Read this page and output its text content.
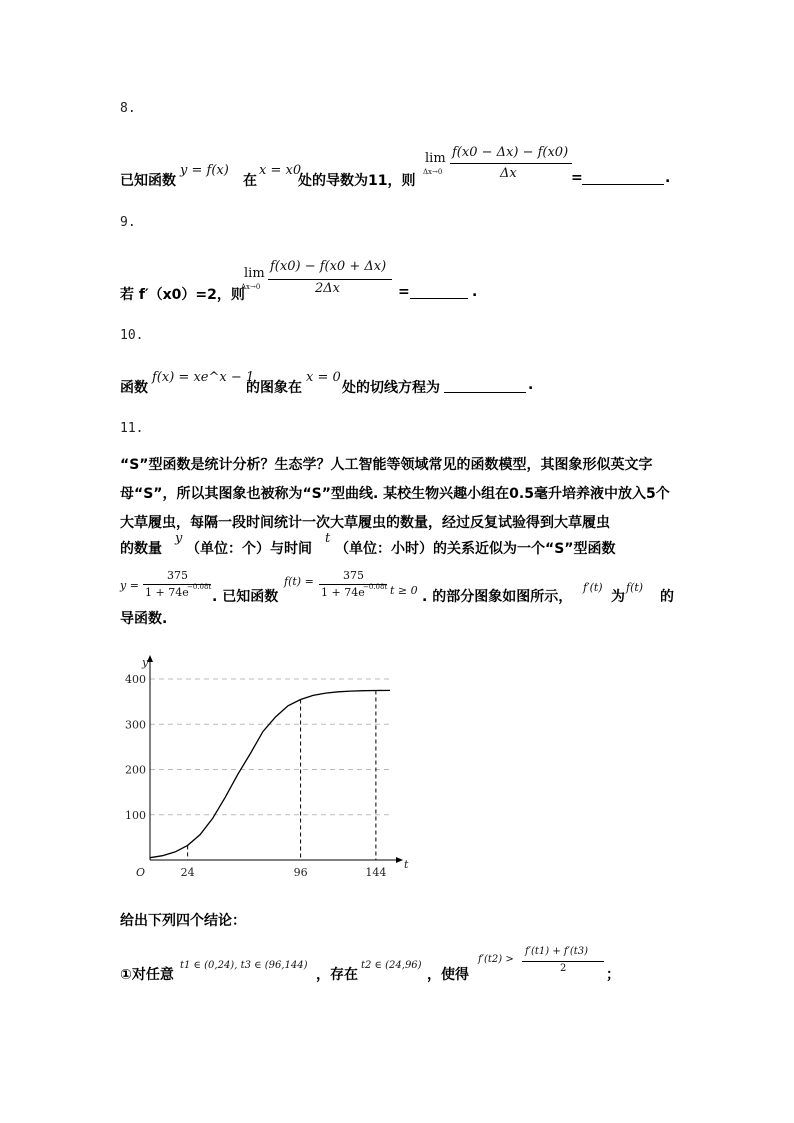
8.
已知函数
y = f(x)
在
x = x0
处的导数为11，则
lim
Δx→0
f(x0 − Δx) − f(x0)
Δx	=	.
9.
若 f′（x0）=2，则
lim
Δx→0
f(x0) − f(x0 + Δx)
2Δx	=	.
10.
函数
f(x) = xe^x − 1
的图象在
x = 0
处的切线方程为	.
11.
“S”型函数是统计分析？生态学？人工智能等领域常见的函数模型，其图象形似英文字母“S”，所以其图象也被称为“S”型曲线. 某校生物兴趣小组在0.5毫升培养液中放入5个大草履虫，每隔一段时间统计一次大草履虫的数量，经过反复试验得到大草履虫
的数量
y
（单位：个）与时间
t
（单位：小时）的关系近似为一个“S”型函数
y =
375
1 + 74e
−0.08t
. 已知函数
f(t) =	375
1 + 74e
−0.08t t ≥ 0 . 的部分图象如图所示，
f′(t)
为
f(t)
的
导函数.
100
200
300
400
y
t
O	24	96	144
给出下列四个结论：
①对任意
t1 ∈ (0,24), t3 ∈ (96,144)
，存在
t2 ∈ (24,96)
，使得
f′(t2) >
f′(t1) + f′(t3)
2	；
